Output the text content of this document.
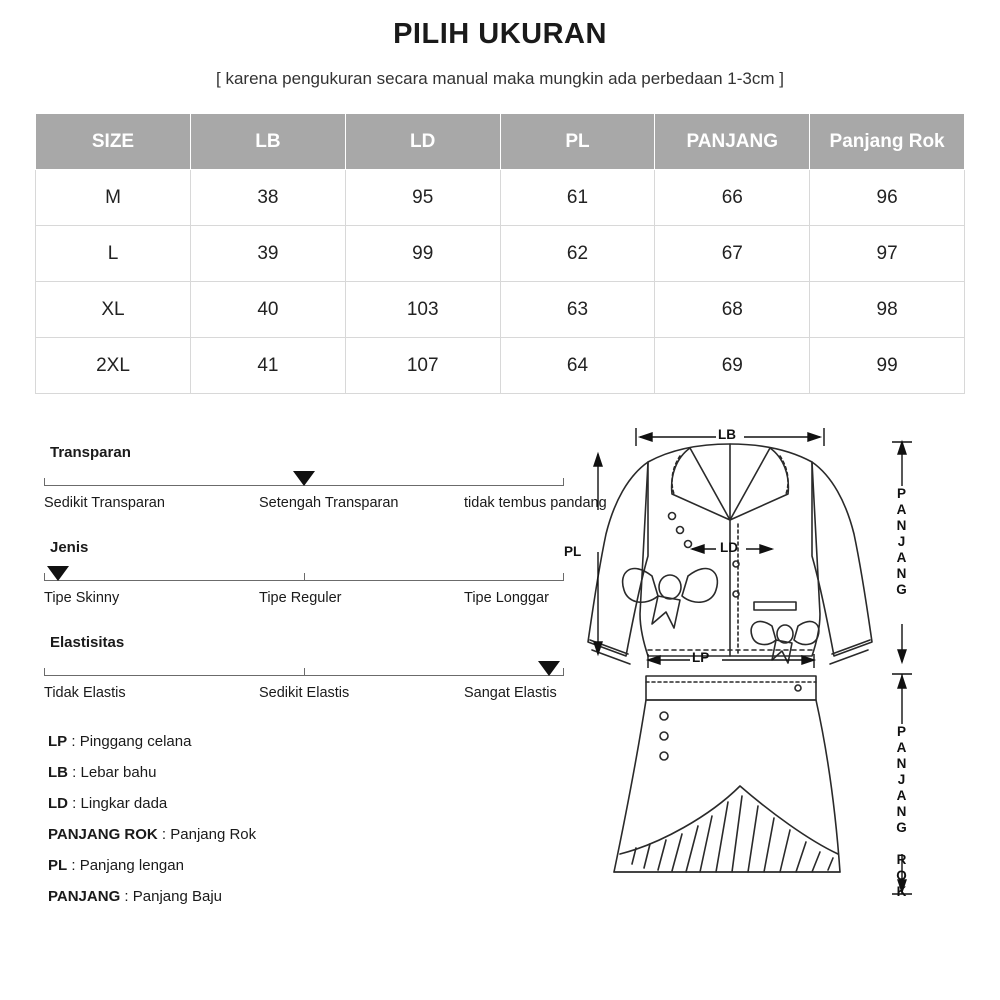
PILIH UKURAN
[ karena pengukuran secara manual maka mungkin ada perbedaan 1-3cm ]
SIZE	LB	LD	PL	PANJANG	Panjang Rok
M	38	95	61	66	96
L	39	99	62	67	97
XL	40	103	63	68	98
2XL	41	107	64	69	99
Transparan
Sedikit Transparan	Setengah Transparan	tidak tembus pandang
Jenis
Tipe Skinny	Tipe Reguler	Tipe Longgar
Elastisitas
Tidak Elastis	Sedikit Elastis	Sangat Elastis
LP : Pinggang celana
LB : Lebar bahu
LD : Lingkar dada
PANJANG ROK : Panjang Rok
PL : Panjang lengan
PANJANG : Panjang Baju
LB
LD
LP
PL	PANJANG
PANJANG ROK
